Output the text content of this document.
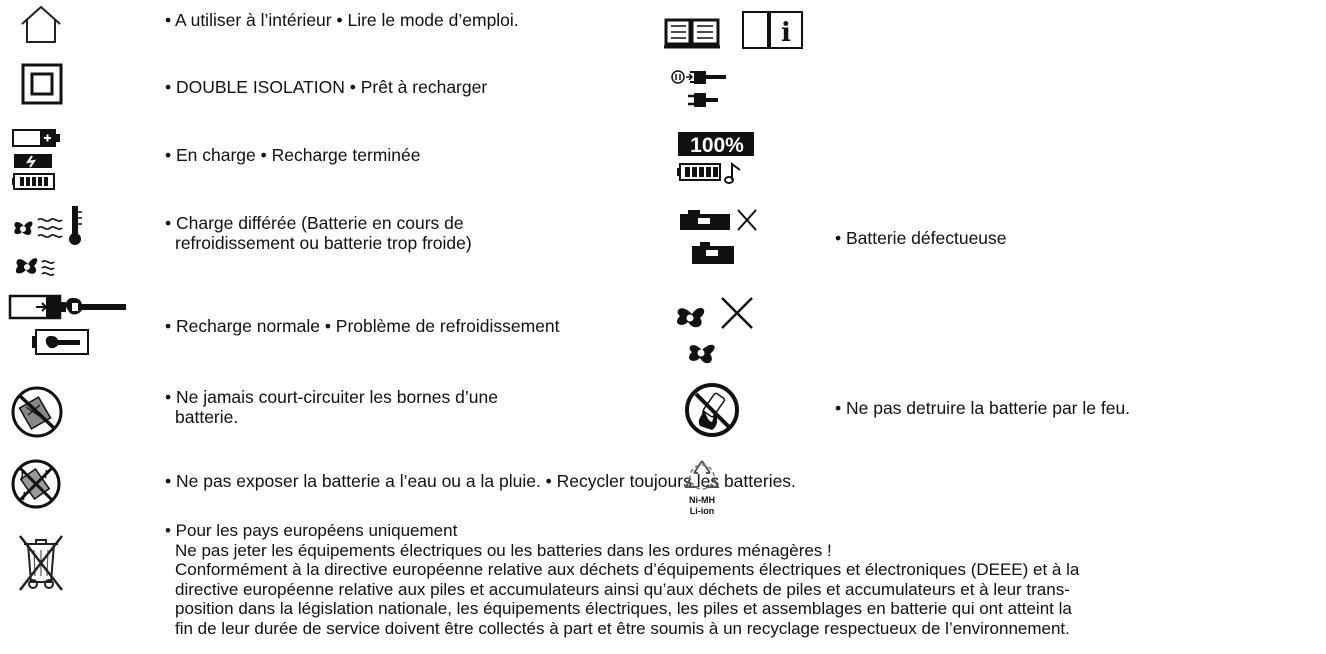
• A utiliser à l’intérieur • Lire le mode d’emploi.	i
• DOUBLE ISOLATION • Prêt à recharger
• En charge • Recharge terminée	100%
• Charge différée (Batterie en cours de
refroidissement ou batterie trop froide)	• Batterie défectueuse
• Recharge normale • Problème de refroidissement
• Ne jamais court-circuiter les bornes d’une
batterie.	• Ne pas detruire la batterie par le feu.
• Ne pas exposer la batterie a l’eau ou a la pluie. • Recycler toujours les batteries.
Ni-MH
Li-ion
• Pour les pays européens uniquement
Ne pas jeter les équipements électriques ou les batteries dans les ordures ménagères !
Conformément à la directive européenne relative aux déchets d’équipements électriques et électroniques (DEEE) et à la
directive européenne relative aux piles et accumulateurs ainsi qu’aux déchets de piles et accumulateurs et à leur trans-
position dans la législation nationale, les équipements électriques, les piles et assemblages en batterie qui ont atteint la
fin de leur durée de service doivent être collectés à part et être soumis à un recyclage respectueux de l’environnement.
